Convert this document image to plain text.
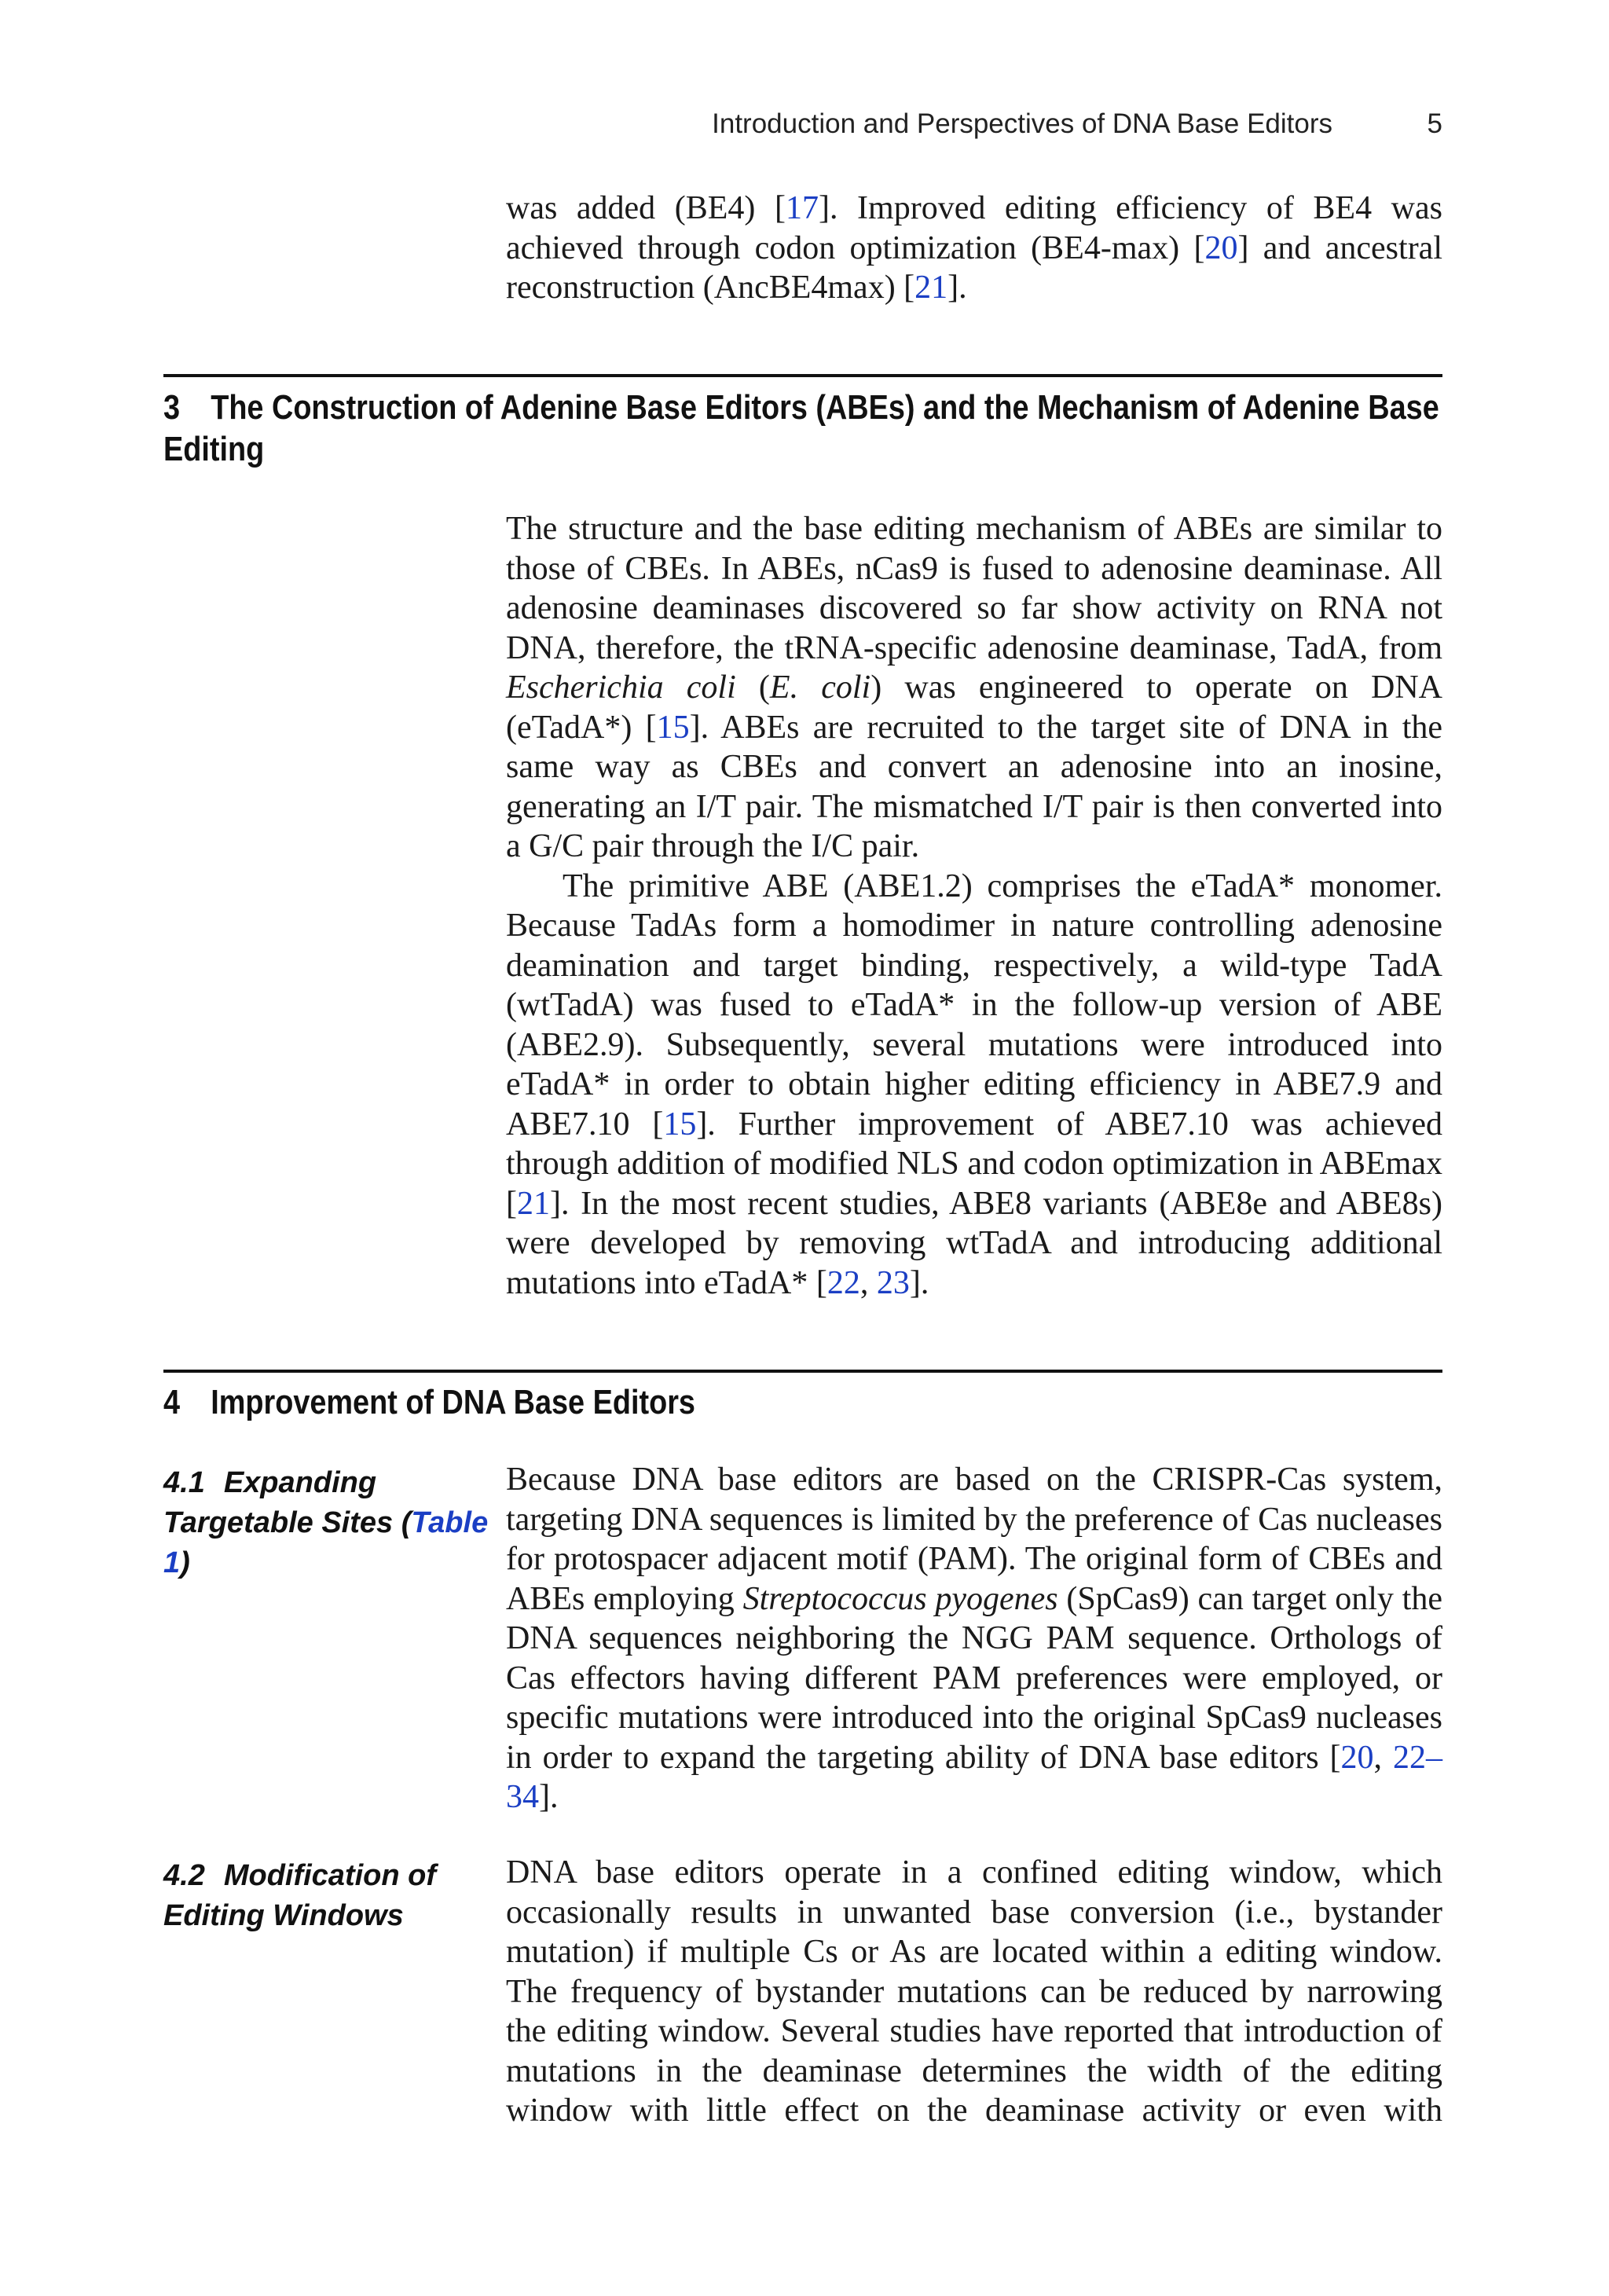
Introduction and Perspectives of DNA Base Editors	5

was added (BE4) [17]. Improved editing efficiency of BE4 was achieved through codon optimization (BE4-max) [20] and ancestral reconstruction (AncBE4max) [21].

3 The Construction of Adenine Base Editors (ABEs) and the Mechanism of Adenine Base Editing

The structure and the base editing mechanism of ABEs are similar to those of CBEs. In ABEs, nCas9 is fused to adenosine deaminase. All adenosine deaminases discovered so far show activity on RNA not DNA, therefore, the tRNA-specific adenosine deaminase, TadA, from Escherichia coli (E. coli) was engineered to operate on DNA (eTadA*) [15]. ABEs are recruited to the target site of DNA in the same way as CBEs and convert an adenosine into an inosine, generating an I/T pair. The mismatched I/T pair is then converted into a G/C pair through the I/C pair.

The primitive ABE (ABE1.2) comprises the eTadA* monomer. Because TadAs form a homodimer in nature controlling adenosine deamination and target binding, respectively, a wild-type TadA (wtTadA) was fused to eTadA* in the follow-up version of ABE (ABE2.9). Subsequently, several mutations were introduced into eTadA* in order to obtain higher editing efficiency in ABE7.9 and ABE7.10 [15]. Further improvement of ABE7.10 was achieved through addition of modified NLS and codon optimization in ABEmax [21]. In the most recent studies, ABE8 variants (ABE8e and ABE8s) were developed by removing wtTadA and introducing additional mutations into eTadA* [22, 23].

4 Improvement of DNA Base Editors
4.1 Expanding Targetable Sites (Table 1)

Because DNA base editors are based on the CRISPR-Cas system, targeting DNA sequences is limited by the preference of Cas nucleases for protospacer adjacent motif (PAM). The original form of CBEs and ABEs employing Streptococcus pyogenes (SpCas9) can target only the DNA sequences neighboring the NGG PAM sequence. Orthologs of Cas effectors having different PAM preferences were employed, or specific mutations were introduced into the original SpCas9 nucleases in order to expand the targeting ability of DNA base editors [20, 22–34].

4.2 Modification of Editing Windows

DNA base editors operate in a confined editing window, which occasionally results in unwanted base conversion (i.e., bystander mutation) if multiple Cs or As are located within a editing window. The frequency of bystander mutations can be reduced by narrowing the editing window. Several studies have reported that introduction of mutations in the deaminase determines the width of the editing window with little effect on the deaminase activity or even with
